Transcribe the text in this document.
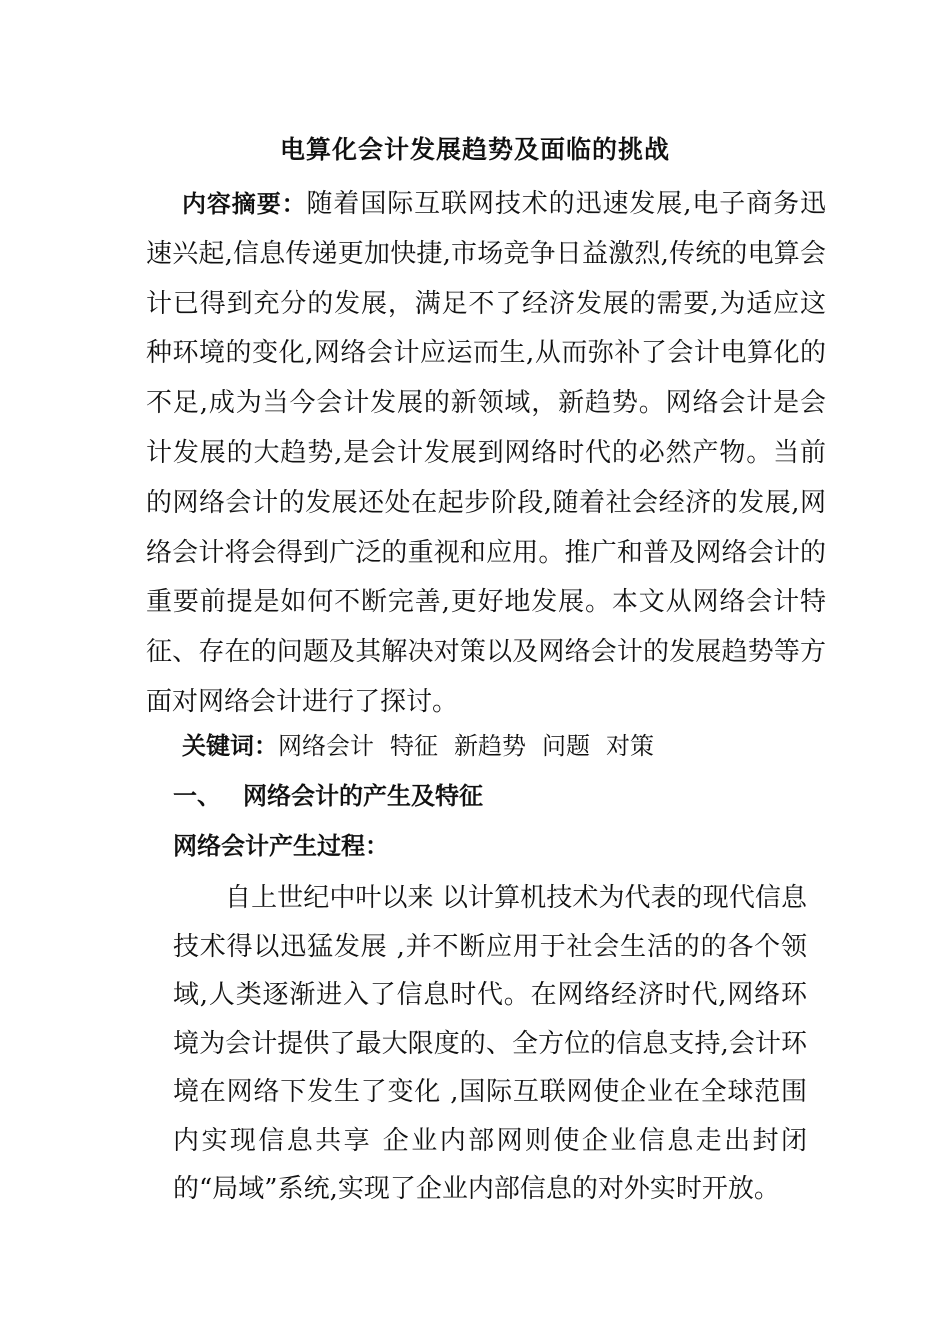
电算化会计发展趋势及面临的挑战

内容摘要：随着国际互联网技术的迅速发展,电子商务迅速兴起,信息传递更加快捷,市场竞争日益激烈,传统的电算会计已得到充分的发展，满足不了经济发展的需要,为适应这种环境的变化,网络会计应运而生,从而弥补了会计电算化的不足,成为当今会计发展的新领域，新趋势。网络会计是会计发展的大趋势,是会计发展到网络时代的必然产物。当前的网络会计的发展还处在起步阶段,随着社会经济的发展,网络会计将会得到广泛的重视和应用。推广和普及网络会计的重要前提是如何不断完善,更好地发展。本文从网络会计特征、存在的问题及其解决对策以及网络会计的发展趋势等方面对网络会计进行了探讨。

关键词：网络会计 特征 新趋势 问题 对策
一、 网络会计的产生及特征
网络会计产生过程：

自上世纪中叶以来 以计算机技术为代表的现代信息技术得以迅猛发展 ,并不断应用于社会生活的的各个领域,人类逐渐进入了信息时代。在网络经济时代,网络环境为会计提供了最大限度的、全方位的信息支持,会计环境在网络下发生了变化 ,国际互联网使企业在全球范围内实现信息共享 企业内部网则使企业信息走出封闭的“局域”系统,实现了企业内部信息的对外实时开放。
